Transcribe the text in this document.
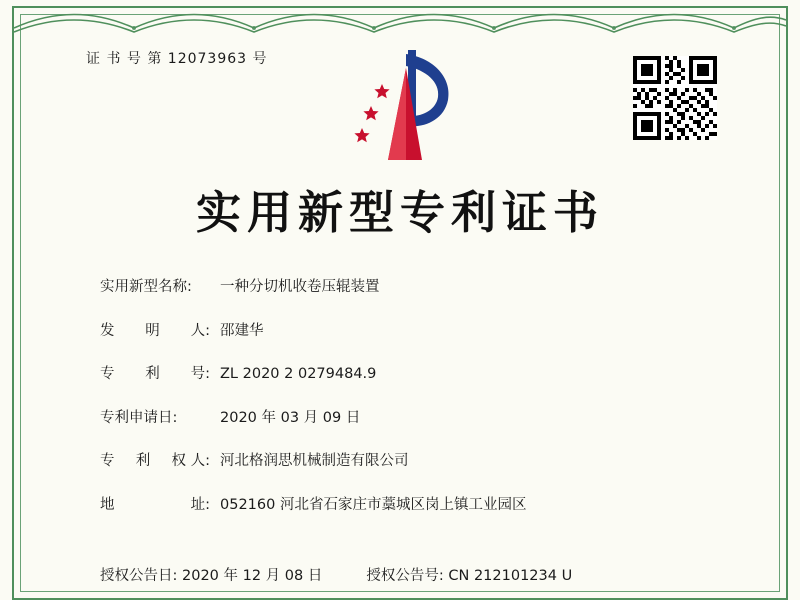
证 书 号 第 12073963 号
实用新型专利证书
实用新型名称:	一种分切机收卷压辊装置
发 明 人: 邵建华
专 利 号: ZL 2020 2 0279484.9
专利申请日:	2020 年 03 月 09 日
专 利 权 人: 河北格润思机械制造有限公司
地	址: 052160 河北省石家庄市藁城区岗上镇工业园区
授权公告日: 2020 年 12 月 08 日	授权公告号: CN 212101234 U
